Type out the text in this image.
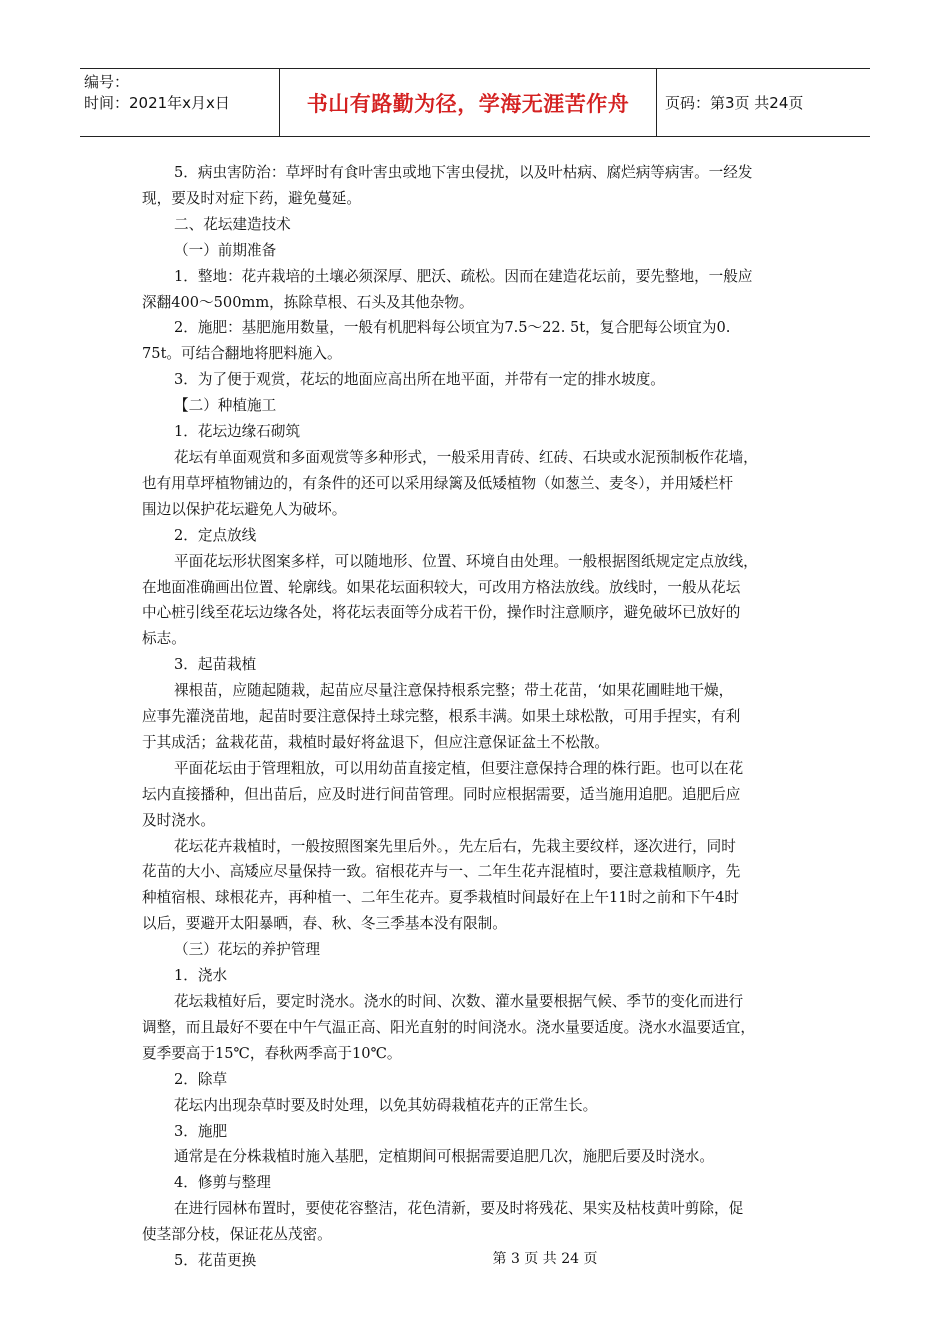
编号：
时间：2021年x月x日	书山有路勤为径，学海无涯苦作舟 页码：第3页 共24页

5．病虫害防治：草坪时有食叶害虫或地下害虫侵扰，以及叶枯病、腐烂病等病害。一经发

现，要及时对症下药，避免蔓延。

二、花坛建造技术

（一）前期准备

1．整地：花卉栽培的土壤必须深厚、肥沃、疏松。因而在建造花坛前，要先整地，一般应

深翻400～500mm，拣除草根、石头及其他杂物。

2．施肥：基肥施用数量，一般有机肥料每公顷宜为7.5～22. 5t，复合肥每公顷宜为0.

75t。可结合翻地将肥料施入。

3．为了便于观赏，花坛的地面应高出所在地平面，并带有一定的排水坡度。

【二）种植施工

1．花坛边缘石砌筑

花坛有单面观赏和多面观赏等多种形式，一般采用青砖、红砖、石块或水泥预制板作花墙，

也有用草坪植物铺边的，有条件的还可以采用绿篱及低矮植物（如葱兰、麦冬），并用矮栏杆

围边以保护花坛避免人为破坏。

2．定点放线

平面花坛形状图案多样，可以随地形、位置、环境自由处理。一般根据图纸规定定点放线，

在地面准确画出位置、轮廓线。如果花坛面积较大，可改用方格法放线。放线时，一般从花坛

中心桩引线至花坛边缘各处，将花坛表面等分成若干份，操作时注意顺序，避免破坏已放好的

标志。

3．起苗栽植

裸根苗，应随起随栽，起苗应尽量注意保持根系完整；带土花苗，‘如果花圃畦地干燥，

应事先灌浇苗地，起苗时要注意保持土球完整，根系丰满。如果土球松散，可用手捏实，有利

于其成活；盆栽花苗，栽植时最好将盆退下，但应注意保证盆土不松散。

平面花坛由于管理粗放，可以用幼苗直接定植，但要注意保持合理的株行距。也可以在花

坛内直接播种，但出苗后，应及时进行间苗管理。同时应根据需要，适当施用追肥。追肥后应

及时浇水。

花坛花卉栽植时，一般按照图案先里后外。，先左后右，先栽主要纹样，逐次进行，同时

花苗的大小、高矮应尽量保持一致。宿根花卉与一、二年生花卉混植时，要注意栽植顺序，先

种植宿根、球根花卉，再种植一、二年生花卉。夏季栽植时间最好在上午11时之前和下午4时

以后，要避开太阳暴晒，春、秋、冬三季基本没有限制。

（三）花坛的养护管理

1．浇水

花坛栽植好后，要定时浇水。浇水的时间、次数、灌水量要根据气候、季节的变化而进行

调整，而且最好不要在中午气温正高、阳光直射的时间浇水。浇水量要适度。浇水水温要适宜，

夏季要高于15℃，春秋两季高于10℃。

2．除草

花坛内出现杂草时要及时处理，以免其妨碍栽植花卉的正常生长。

3．施肥

通常是在分株栽植时施入基肥，定植期间可根据需要追肥几次，施肥后要及时浇水。

4．修剪与整理

在进行园林布置时，要使花容整洁，花色清新，要及时将残花、果实及枯枝黄叶剪除，促

使茎部分枝，保证花丛茂密。

5．花苗更换	第 3 页 共 24 页
